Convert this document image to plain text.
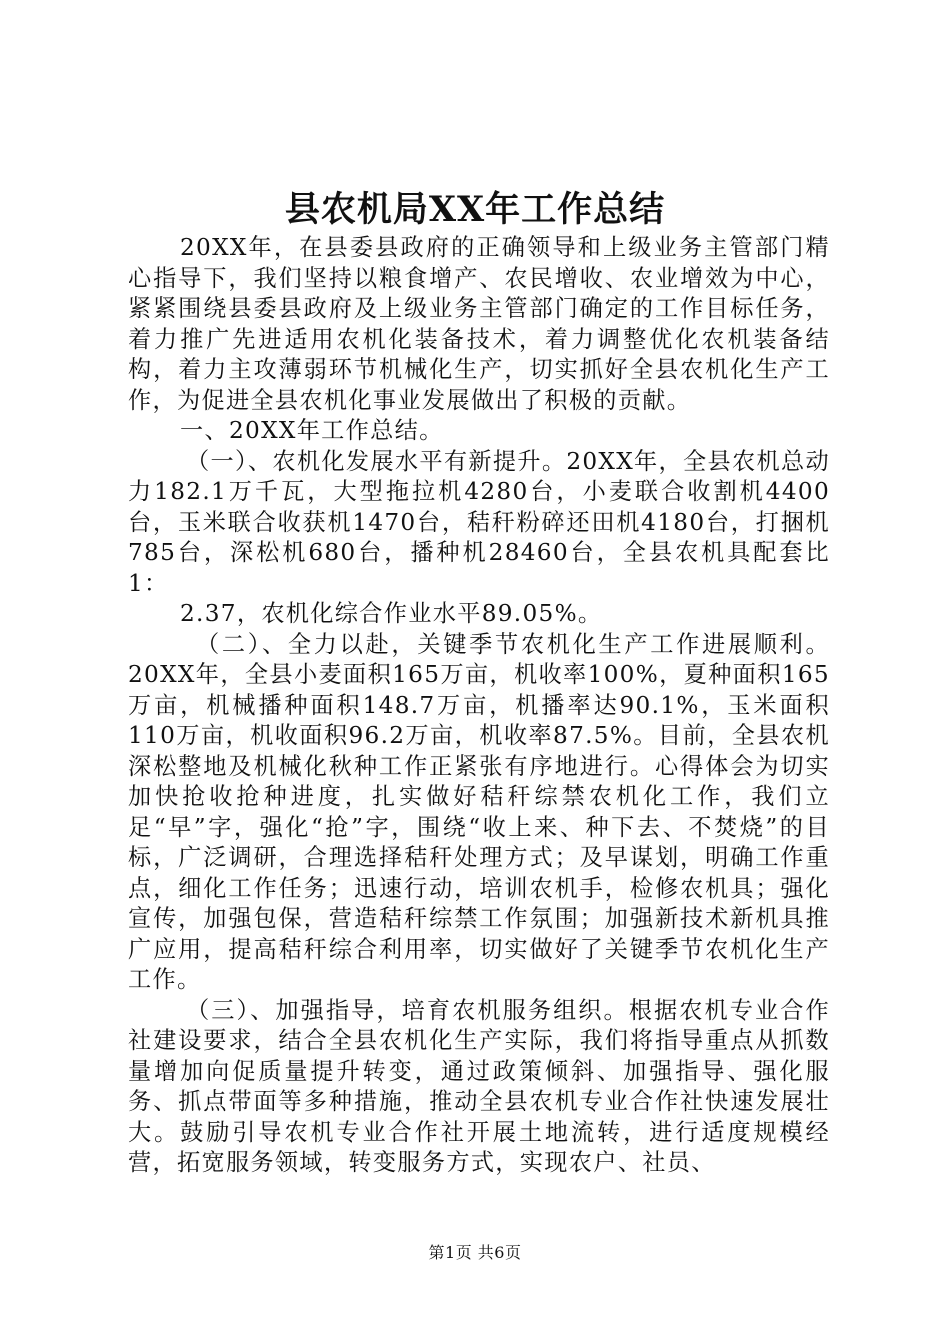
县农机局XX年工作总结

20XX年，在县委县政府的正确领导和上级业务主管部门精心指导下，我们坚持以粮食增产、农民增收、农业增效为中心，紧紧围绕县委县政府及上级业务主管部门确定的工作目标任务，着力推广先进适用农机化装备技术，着力调整优化农机装备结构，着力主攻薄弱环节机械化生产，切实抓好全县农机化生产工作，为促进全县农机化事业发展做出了积极的贡献。

一、20XX年工作总结。

（一）、农机化发展水平有新提升。20XX年，全县农机总动力182.1万千瓦，大型拖拉机4280台，小麦联合收割机4400台，玉米联合收获机1470台，秸秆粉碎还田机4180台，打捆机785台，深松机680台，播种机28460台，全县农机具配套比1：

2.37，农机化综合作业水平89.05%。

（二）、全力以赴，关键季节农机化生产工作进展顺利。20XX年，全县小麦面积165万亩，机收率100%，夏种面积165万亩，机械播种面积148.7万亩，机播率达90.1%，玉米面积110万亩，机收面积96.2万亩，机收率87.5%。目前，全县农机深松整地及机械化秋种工作正紧张有序地进行。心得体会为切实加快抢收抢种进度，扎实做好秸秆综禁农机化工作，我们立足“早”字，强化“抢”字，围绕“收上来、种下去、不焚烧”的目标，广泛调研，合理选择秸秆处理方式；及早谋划，明确工作重点，细化工作任务；迅速行动，培训农机手，检修农机具；强化宣传，加强包保，营造秸秆综禁工作氛围；加强新技术新机具推广应用，提高秸秆综合利用率，切实做好了关键季节农机化生产工作。

（三）、加强指导，培育农机服务组织。根据农机专业合作社建设要求，结合全县农机化生产实际，我们将指导重点从抓数量增加向促质量提升转变，通过政策倾斜、加强指导、强化服务、抓点带面等多种措施，推动全县农机专业合作社快速发展壮大。鼓励引导农机专业合作社开展土地流转，进行适度规模经营，拓宽服务领域，转变服务方式，实现农户、社员、

第1页 共6页
